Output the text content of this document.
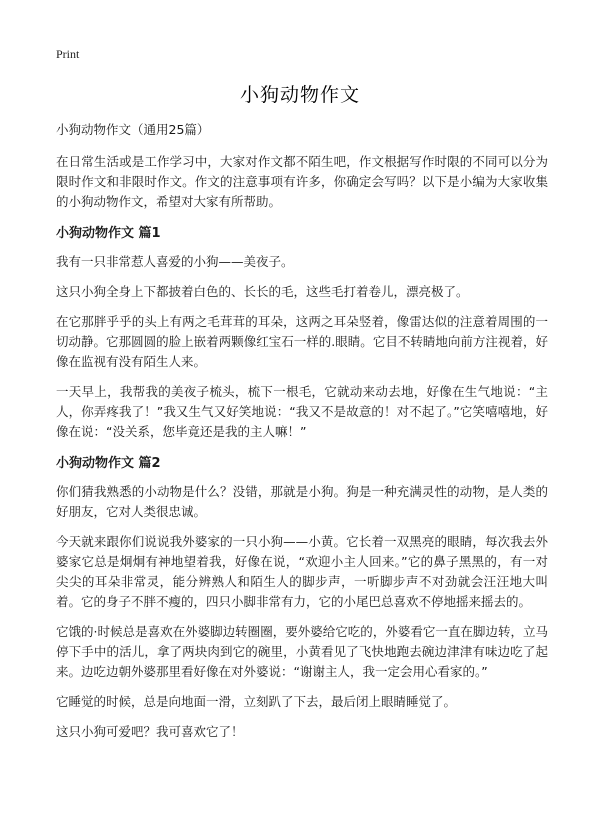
Print
小狗动物作文
小狗动物作文（通用25篇）

在日常生活或是工作学习中，大家对作文都不陌生吧，作文根据写作时限的不同可以分为限时作文和非限时作文。作文的注意事项有许多，你确定会写吗？以下是小编为大家收集的小狗动物作文，希望对大家有所帮助。

小狗动物作文 篇1

我有一只非常惹人喜爱的小狗——美夜子。

这只小狗全身上下都披着白色的、长长的毛，这些毛打着卷儿，漂亮极了。

在它那胖乎乎的头上有两之毛茸茸的耳朵，这两之耳朵竖着，像雷达似的注意着周围的一切动静。它那圆圆的脸上嵌着两颗像红宝石一样的.眼睛。它目不转睛地向前方注视着，好像在监视有没有陌生人来。

一天早上，我帮我的美夜子梳头，梳下一根毛，它就动来动去地，好像在生气地说：“主人，你弄疼我了！”我又生气又好笑地说：“我又不是故意的！对不起了。”它笑嘻嘻地，好像在说：“没关系，您毕竟还是我的主人嘛！”

小狗动物作文 篇2

你们猜我熟悉的小动物是什么？没错，那就是小狗。狗是一种充满灵性的动物，是人类的好朋友，它对人类很忠诚。

今天就来跟你们说说我外婆家的一只小狗——小黄。它长着一双黑亮的眼睛，每次我去外婆家它总是炯炯有神地望着我，好像在说，“欢迎小主人回来。”它的鼻子黑黑的，有一对尖尖的耳朵非常灵，能分辨熟人和陌生人的脚步声，一听脚步声不对劲就会汪汪地大叫着。它的身子不胖不瘦的，四只小脚非常有力，它的小尾巴总喜欢不停地摇来摇去的。

它饿的·时候总是喜欢在外婆脚边转圈圈，要外婆给它吃的，外婆看它一直在脚边转，立马停下手中的活儿，拿了两块肉到它的碗里，小黄看见了飞快地跑去碗边津津有味边吃了起来。边吃边朝外婆那里看好像在对外婆说：“谢谢主人，我一定会用心看家的。”

它睡觉的时候，总是向地面一滑，立刻趴了下去，最后闭上眼睛睡觉了。

这只小狗可爱吧？我可喜欢它了！
